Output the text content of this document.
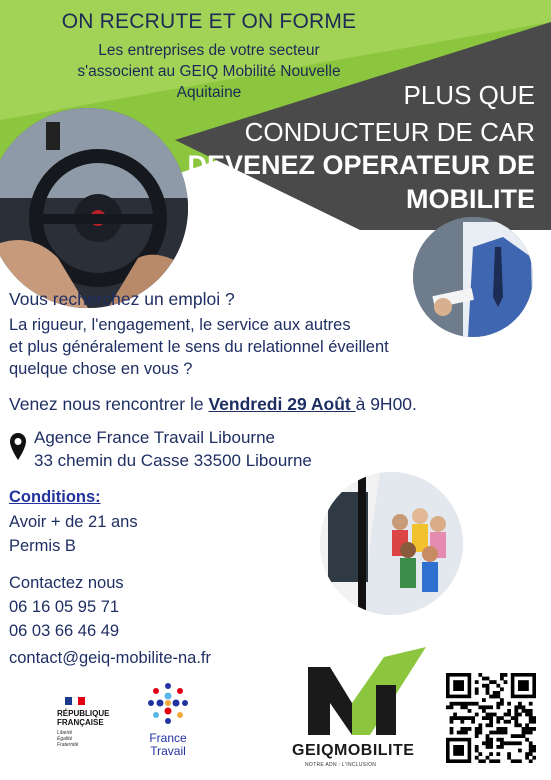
ON RECRUTE ET ON FORME
Les entreprises de votre secteur
s'associent au GEIQ Mobilité Nouvelle
Aquitaine	PLUS QUE
CONDUCTEUR DE CAR
DEVENEZ OPERATEUR DE
MOBILITE
Vous recherchez un emploi ?
La rigueur, l'engagement, le service aux autres
et plus généralement le sens du relationnel éveillent
quelque chose en vous ?
Venez nous rencontrer le Vendredi 29 Août à 9H00.
Agence France Travail Libourne
33 chemin du Casse 33500 Libourne
Conditions:
Avoir + de 21 ans
Permis B
Contactez nous
06 16 05 95 71
06 03 66 46 49
contact@geiq-mobilite-na.fr
RÉPUBLIQUE
FRANÇAISE
Liberté
Égalité
Fraternité	France
Travail	GEIQMOBILITE
NOTRE ADN : L'INCLUSION
